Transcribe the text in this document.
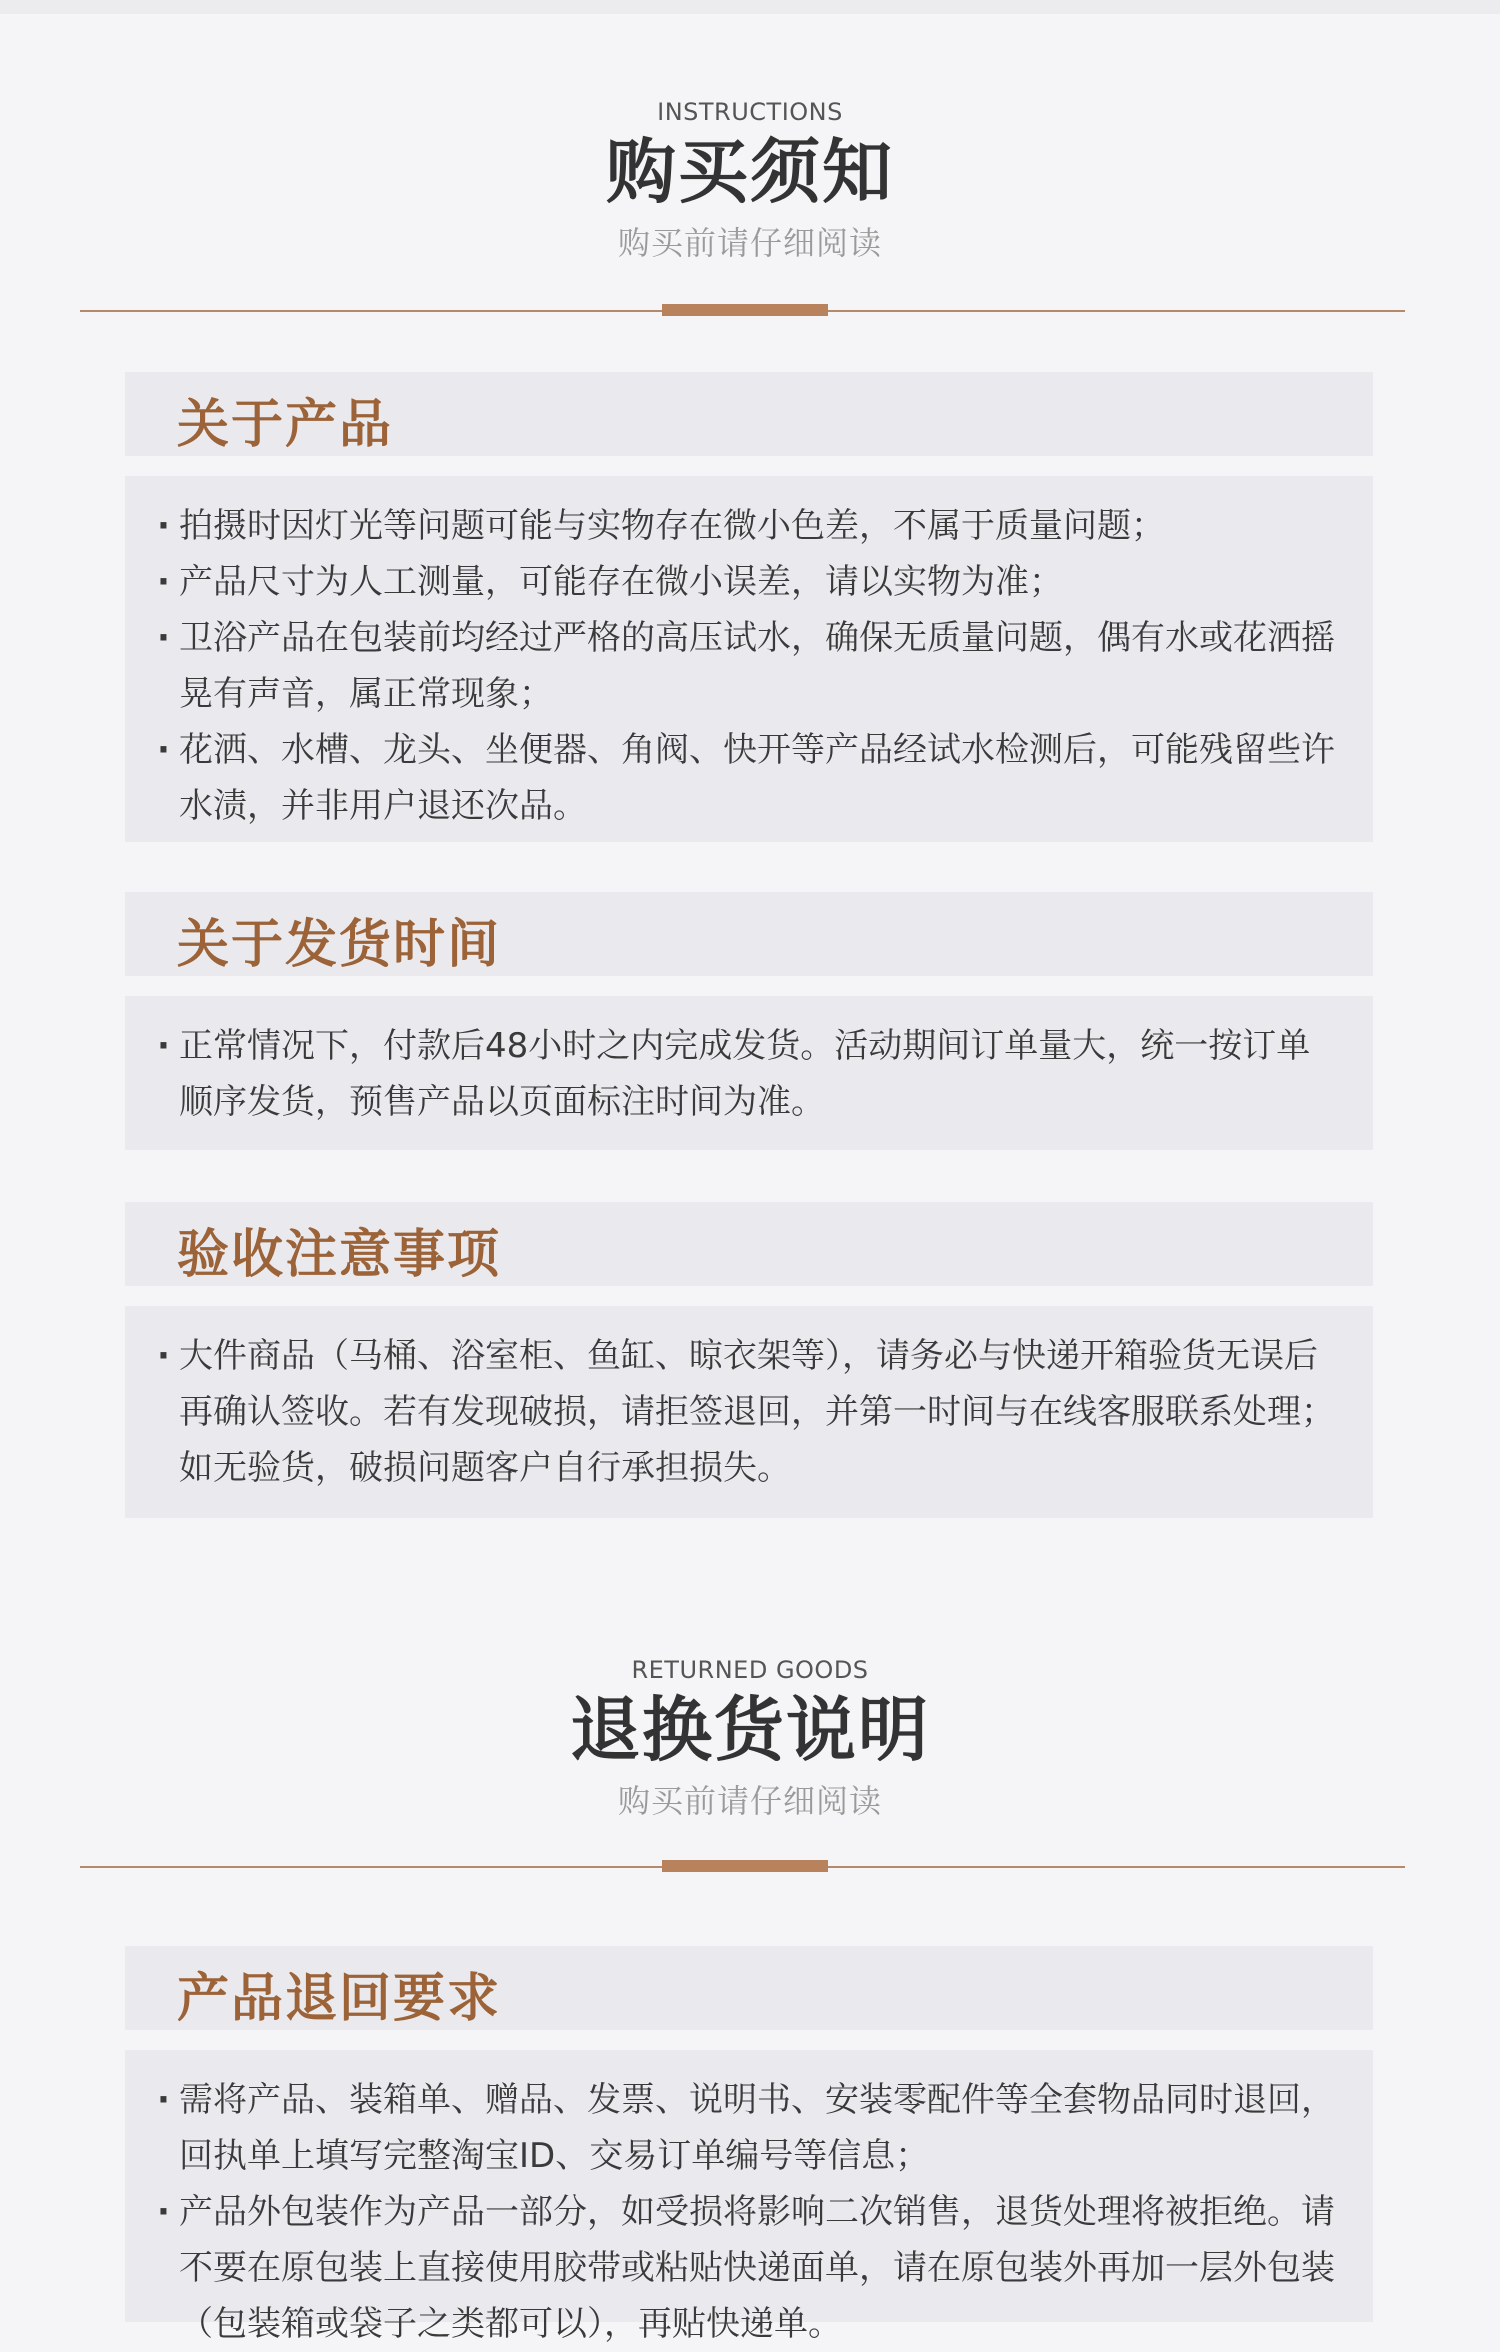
INSTRUCTIONS
购买须知
购买前请仔细阅读
关于产品
· 拍摄时因灯光等问题可能与实物存在微小色差，不属于质量问题；
· 产品尺寸为人工测量，可能存在微小误差，请以实物为准；
· 卫浴产品在包装前均经过严格的高压试水，确保无质量问题，偶有水或花洒摇晃有声音，属正常现象；
· 花洒、水槽、龙头、坐便器、角阀、快开等产品经试水检测后，可能残留些许水渍，并非用户退还次品。
关于发货时间
· 正常情况下，付款后48小时之内完成发货。活动期间订单量大，统一按订单顺序发货，预售产品以页面标注时间为准。
验收注意事项
· 大件商品（马桶、浴室柜、鱼缸、晾衣架等），请务必与快递开箱验货无误后再确认签收。若有发现破损，请拒签退回，并第一时间与在线客服联系处理；如无验货，破损问题客户自行承担损失。
RETURNED GOODS
退换货说明
购买前请仔细阅读
产品退回要求
· 需将产品、装箱单、赠品、发票、说明书、安装零配件等全套物品同时退回，回执单上填写完整淘宝ID、交易订单编号等信息；
· 产品外包装作为产品一部分，如受损将影响二次销售，退货处理将被拒绝。请不要在原包装上直接使用胶带或粘贴快递面单，请在原包装外再加一层外包装（包装箱或袋子之类都可以），再贴快递单。
